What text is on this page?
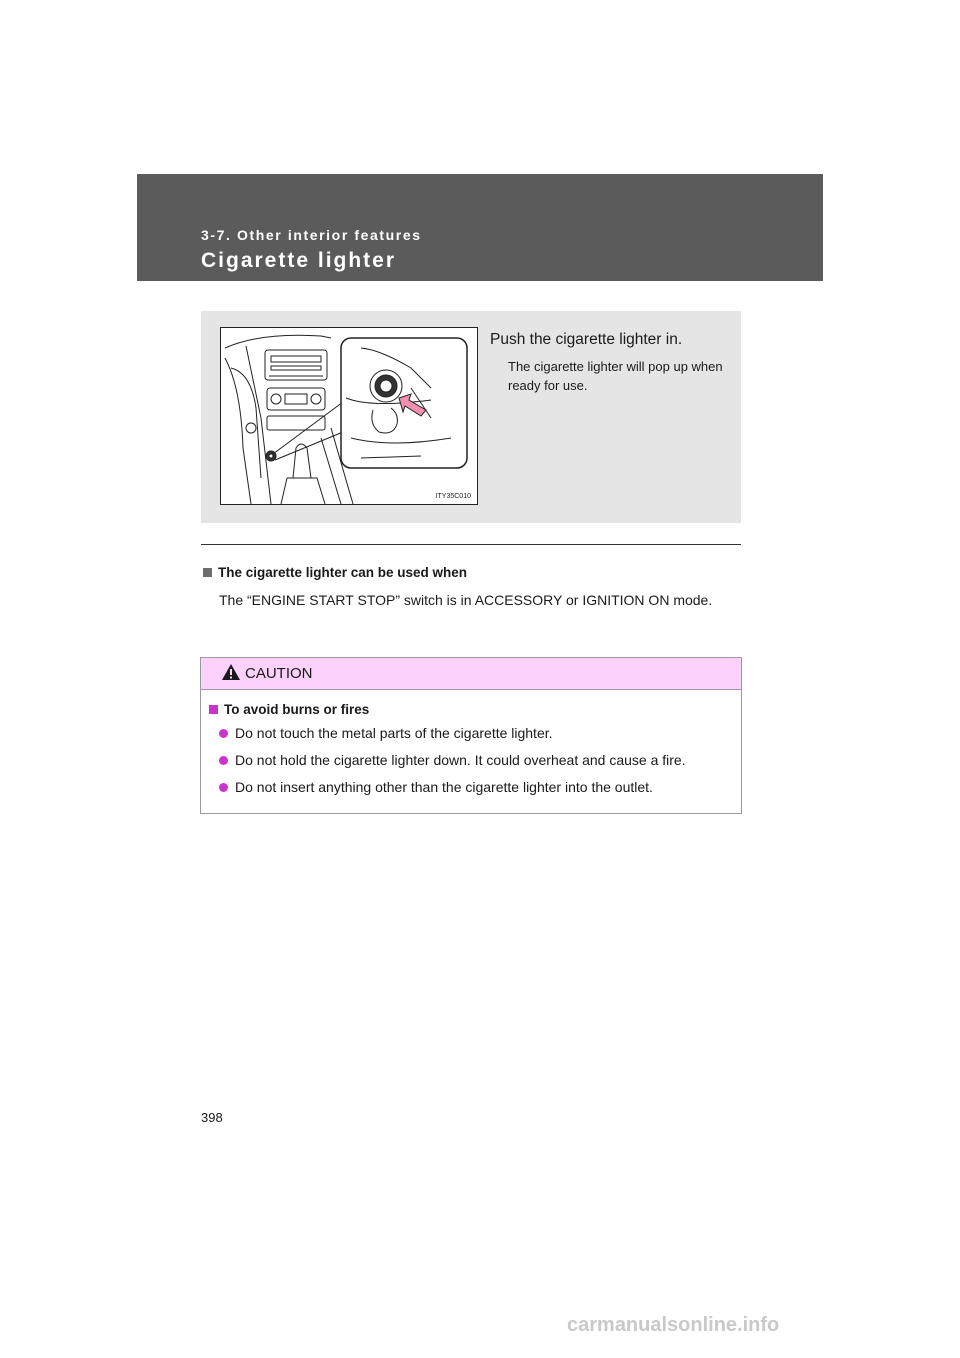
3-7. Other interior features
Cigarette lighter
ITY35C010
Push the cigarette lighter in.
The cigarette lighter will pop up when ready for use.
The cigarette lighter can be used when
The “ENGINE START STOP” switch is in ACCESSORY or IGNITION ON mode.
CAUTION
To avoid burns or fires
Do not touch the metal parts of the cigarette lighter.
Do not hold the cigarette lighter down. It could overheat and cause a fire.
Do not insert anything other than the cigarette lighter into the outlet.
398
carmanualsonline.info
